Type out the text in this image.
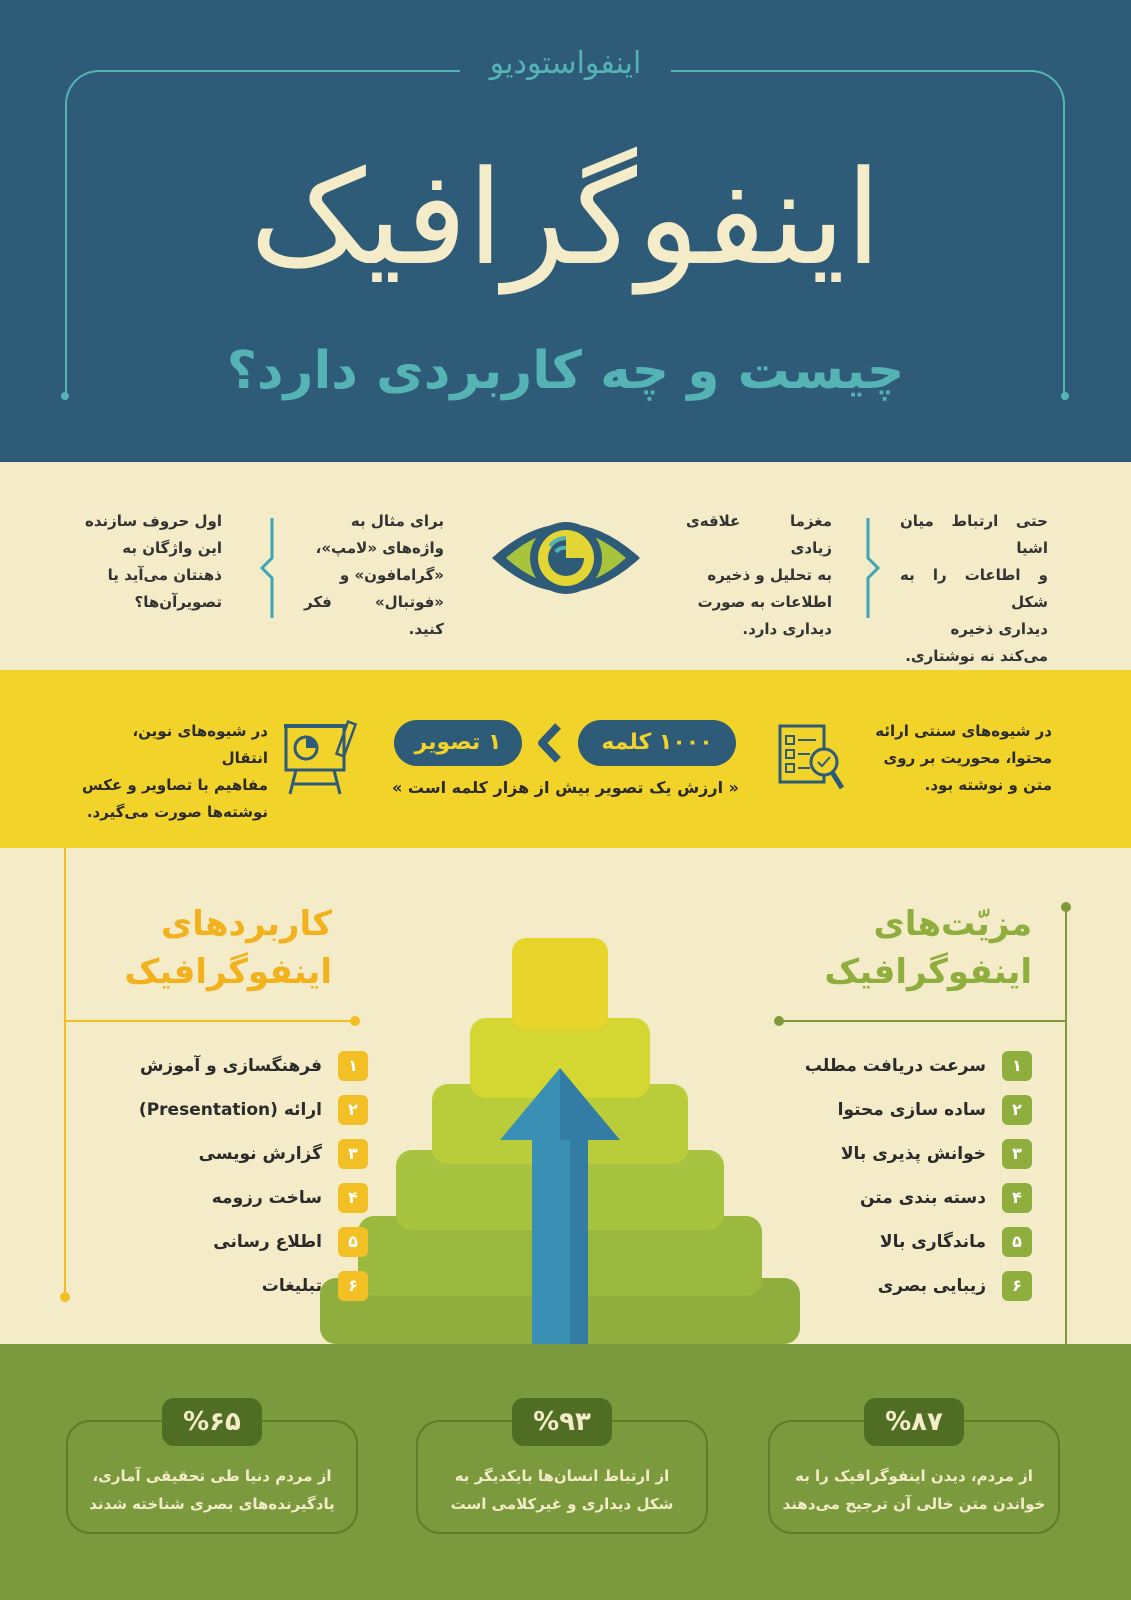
اینفواستودیو
اینفوگرافیک
چیست و چه کاربردی دارد؟
حتی ارتباط میان اشیا
و اطاعات را به شکل
دیداری ذخیره
می‌کند نه نوشتاری.
مغزما علاقه‌ی زیادی
به تحلیل و ذخیره
اطلاعات به صورت
دیداری دارد.
برای مثال به
واژه‌های «لامپ»،
«گرامافون» و
«فوتبال» فکر کنید.
اول حروف سازنده
این واژگان به
ذهنتان می‌آید یا
تصویرآن‌ها؟
در شیوه‌های سنتی ارائه
محتوا، محوریت بر روی
متن و نوشته بود.
۱۰۰۰ کلمه
۱ تصویر
« ارزش یک تصویر بیش از هزار کلمه است »
در شیوه‌های نوین، انتقال
مفاهیم با تصاویر و عکس
نوشته‌ها صورت می‌گیرد.
مزیّت‌های
اینفوگرافیک
کاربردهای
اینفوگرافیک
۱
سرعت دریافت مطلب
۲
ساده سازی محتوا
۳
خوانش پذیری بالا
۴
دسته بندی متن
۵
ماندگاری بالا
۶
زیبایی بصری
۱
فرهنگسازی و آموزش
۲
ارائه (Presentation)
۳
گزارش نویسی
۴
ساخت رزومه
۵
اطلاع رسانی
۶
تبلیغات
%۸۷
از مردم، دیدن اینفوگرافیک را به
خواندن متن خالی آن ترجیح می‌دهند
%۹۳
از ارتباط انسان‌ها بایکدیگر به
شکل دیداری و غیرکلامی است
%۶۵
از مردم دنیا طی تحقیقی آماری،
یادگیرنده‌های بصری شناخته شدند
